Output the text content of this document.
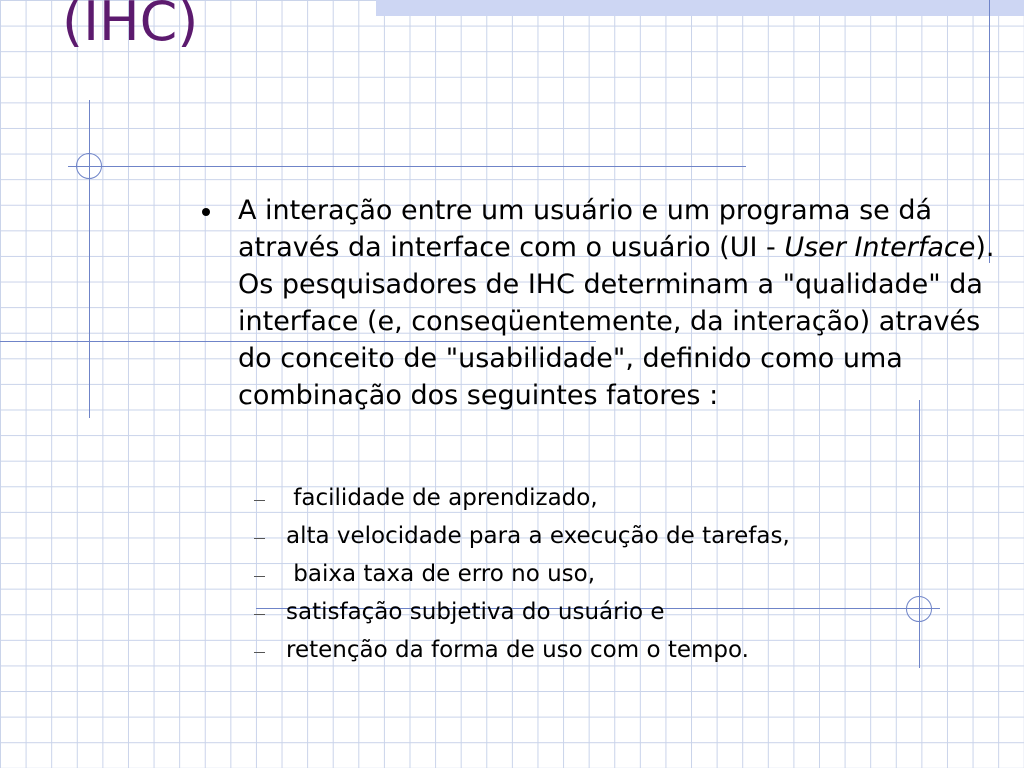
(IHC)
A interação entre um usuário e um programa se dá através da interface com o usuário (UI - User Interface). Os pesquisadores de IHC determinam a "qualidade" da interface (e, conseqüentemente, da interação) através do conceito de "usabilidade", definido como uma combinação dos seguintes fatores :
facilidade de aprendizado,
alta velocidade para a execução de tarefas,
baixa taxa de erro no uso,
satisfação subjetiva do usuário e
retenção da forma de uso com o tempo.
